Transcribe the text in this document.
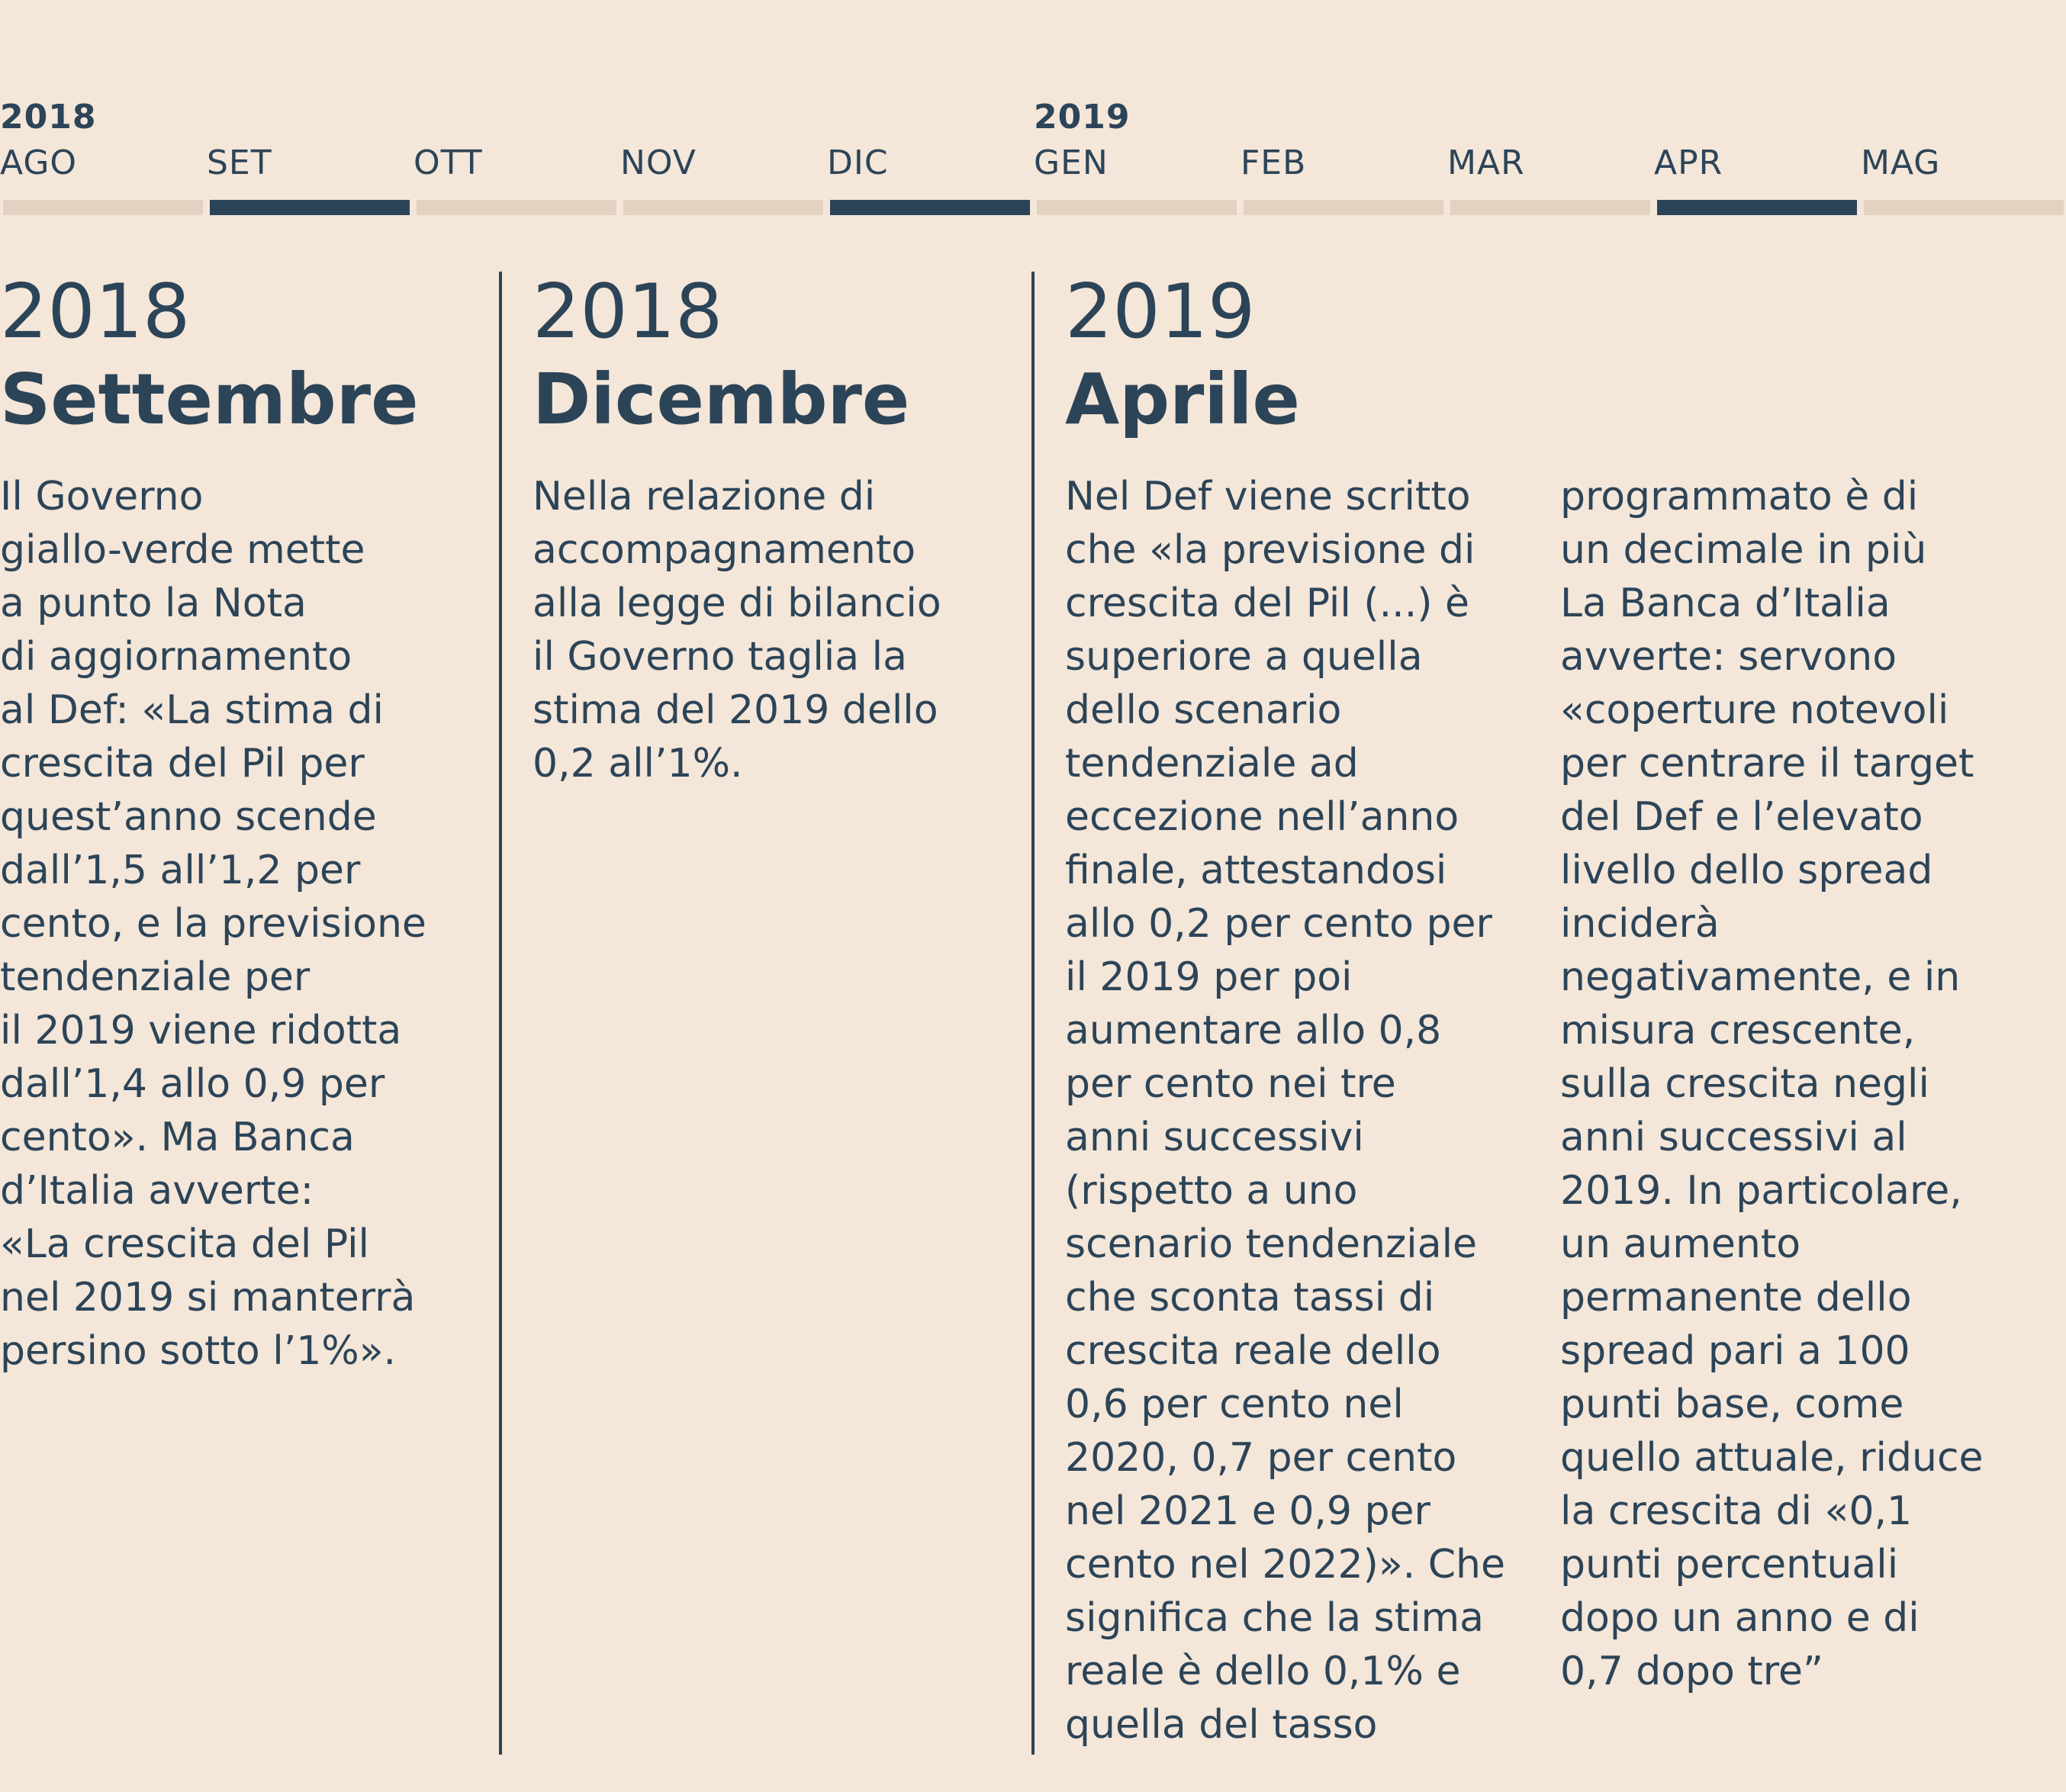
2018
AGO	SET	OTT	NOV	DIC
2019
GEN	FEB	MAR	APR	MAG
2018
Settembre
Il Governo
giallo-verde mette
a punto la Nota
di aggiornamento
al Def: «La stima di
crescita del Pil per
quest’anno scende
dall’1,5 all’1,2 per
cento, e la previsione
tendenziale per
il 2019 viene ridotta
dall’1,4 allo 0,9 per
cento». Ma Banca
d’Italia avverte:
«La crescita del Pil
nel 2019 si manterrà
persino sotto l’1%».
2018
Dicembre
Nella relazione di
accompagnamento
alla legge di bilancio
il Governo taglia la
stima del 2019 dello
0,2 all’1%.
2019
Aprile
Nel Def viene scritto
che «la previsione di
crescita del Pil (...) è
superiore a quella
dello scenario
tendenziale ad
eccezione nell’anno
finale, attestandosi
allo 0,2 per cento per
il 2019 per poi
aumentare allo 0,8
per cento nei tre
anni successivi
(rispetto a uno
scenario tendenziale
che sconta tassi di
crescita reale dello
0,6 per cento nel
2020, 0,7 per cento
nel 2021 e 0,9 per
cento nel 2022)». Che
significa che la stima
reale è dello 0,1% e
quella del tasso
programmato è di
un decimale in più
La Banca d’Italia
avverte: servono
«coperture notevoli
per centrare il target
del Def e l’elevato
livello dello spread
inciderà
negativamente, e in
misura crescente,
sulla crescita negli
anni successivi al
2019. In particolare,
un aumento
permanente dello
spread pari a 100
punti base, come
quello attuale, riduce
la crescita di «0,1
punti percentuali
dopo un anno e di
0,7 dopo tre”
